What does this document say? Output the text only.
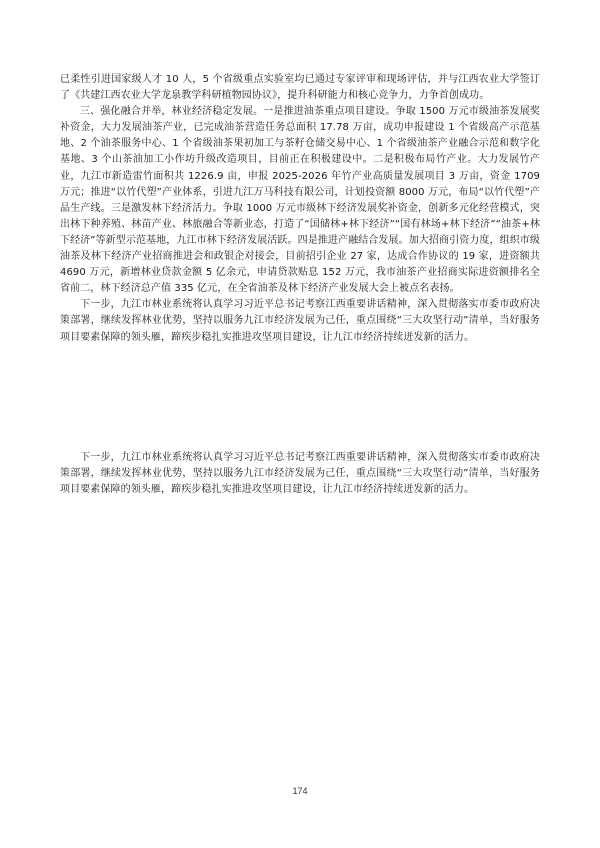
已柔性引进国家级人才 10 人，5 个省级重点实验室均已通过专家评审和现场评估，并与江西农业大学签订了《共建江西农业大学龙泉教学科研植物园协议》，提升科研能力和核心竞争力，力争首创成功。

三、强化融合并举，林业经济稳定发展。一是推进油茶重点项目建设。争取 1500 万元市级油茶发展奖补资金，大力发展油茶产业，已完成油茶营造任务总面积 17.78 万亩，成功申报建设 1 个省级高产示范基地、2 个油茶服务中心、1 个省级油茶果初加工与茶籽仓储交易中心、1 个省级油茶产业融合示范和数字化基地、3 个山茶油加工小作坊升级改造项目，目前正在积极建设中。二是积极布局竹产业。大力发展竹产业，九江市新造雷竹面积共 1226.9 亩，申报 2025-2026 年竹产业高质量发展项目 3 万亩，资金 1709 万元；推进“以竹代塑”产业体系，引进九江万马科技有限公司，计划投资额 8000 万元，布局“以竹代塑”产品生产线。三是激发林下经济活力。争取 1000 万元市级林下经济发展奖补资金，创新多元化经营模式，突出林下种养殖、林苗产业、林旅融合等新业态，打造了“国储林+林下经济”“国有林场+林下经济”“油茶+林下经济”等新型示范基地，九江市林下经济发展活跃。四是推进产融结合发展。加大招商引资力度，组织市级油茶及林下经济产业招商推进会和政银企对接会，目前招引企业 27 家，达成合作协议的 19 家，进资额共 4690 万元，新增林业贷款金额 5 亿余元，申请贷款贴息 152 万元，我市油茶产业招商实际进资额排名全省前二，林下经济总产值 335 亿元，在全省油茶及林下经济产业发展大会上被点名表扬。

下一步，九江市林业系统将认真学习习近平总书记考察江西重要讲话精神，深入贯彻落实市委市政府决策部署，继续发挥林业优势，坚持以服务九江市经济发展为己任，重点围绕“三大攻坚行动”清单，当好服务项目要素保障的领头雁，蹄疾步稳扎实推进攻坚项目建设，让九江市经济持续迸发新的活力。

下一步，九江市林业系统将认真学习习近平总书记考察江西重要讲话精神，深入贯彻落实市委市政府决策部署，继续发挥林业优势，坚持以服务九江市经济发展为己任，重点围绕“三大攻坚行动”清单，当好服务项目要素保障的领头雁，蹄疾步稳扎实推进攻坚项目建设，让九江市经济持续迸发新的活力。

174
